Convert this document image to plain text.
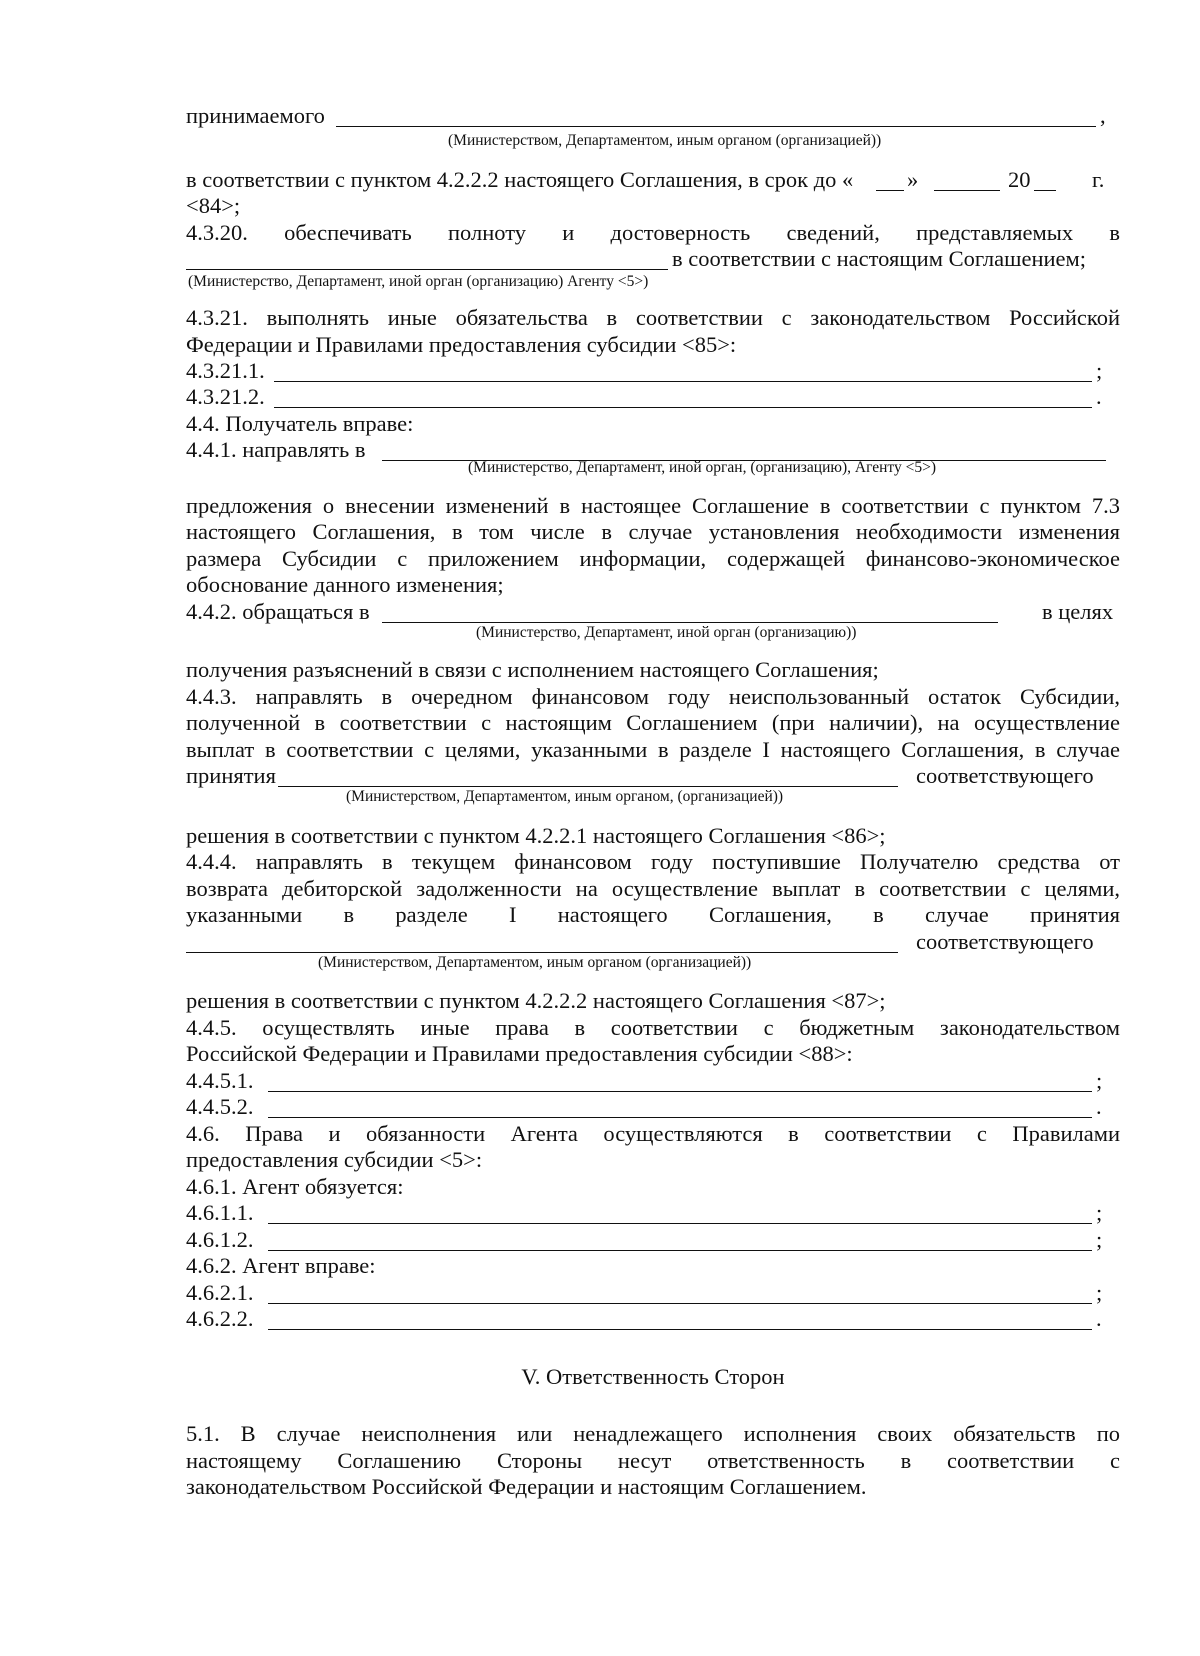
принимаемого	,
(Министерством, Департаментом, иным органом (организацией))
в соответствии с пунктом 4.2.2.2 настоящего Соглашения, в срок до « »	20	г.
<84>;
4.3.20. обеспечивать полноту и достоверность сведений, представляемых в
в соответствии с настоящим Соглашением;
(Министерство, Департамент, иной орган (организацию) Агенту <5>)
4.3.21. выполнять иные обязательства в соответствии с законодательством Российской
Федерации и Правилами предоставления субсидии <85>:
4.3.21.1.	;
4.3.21.2.	.
4.4. Получатель вправе:
4.4.1. направлять в
(Министерство, Департамент, иной орган, (организацию), Агенту <5>)
предложения о внесении изменений в настоящее Соглашение в соответствии с пунктом 7.3
настоящего Соглашения, в том числе в случае установления необходимости изменения
размера Субсидии с приложением информации, содержащей финансово-экономическое
обоснование данного изменения;
4.4.2. обращаться в	в целях
(Министерство, Департамент, иной орган (организацию))
получения разъяснений в связи с исполнением настоящего Соглашения;
4.4.3. направлять в очередном финансовом году неиспользованный остаток Субсидии,
полученной в соответствии с настоящим Соглашением (при наличии), на осуществление
выплат в соответствии с целями, указанными в разделе I настоящего Соглашения, в случае
принятия	соответствующего
(Министерством, Департаментом, иным органом, (организацией))
решения в соответствии с пунктом 4.2.2.1 настоящего Соглашения <86>;
4.4.4. направлять в текущем финансовом году поступившие Получателю средства от
возврата дебиторской задолженности на осуществление выплат в соответствии с целями,
указанными в разделе I настоящего Соглашения, в случае принятия
соответствующего
(Министерством, Департаментом, иным органом (организацией))
решения в соответствии с пунктом 4.2.2.2 настоящего Соглашения <87>;
4.4.5. осуществлять иные права в соответствии с бюджетным законодательством
Российской Федерации и Правилами предоставления субсидии <88>:
4.4.5.1.	;
4.4.5.2.	.
4.6. Права и обязанности Агента осуществляются в соответствии с Правилами
предоставления субсидии <5>:
4.6.1. Агент обязуется:
4.6.1.1.	;
4.6.1.2.	;
4.6.2. Агент вправе:
4.6.2.1.	;
4.6.2.2.	.
V. Ответственность Сторон
5.1. В случае неисполнения или ненадлежащего исполнения своих обязательств по
настоящему Соглашению Стороны несут ответственность в соответствии с
законодательством Российской Федерации и настоящим Соглашением.
